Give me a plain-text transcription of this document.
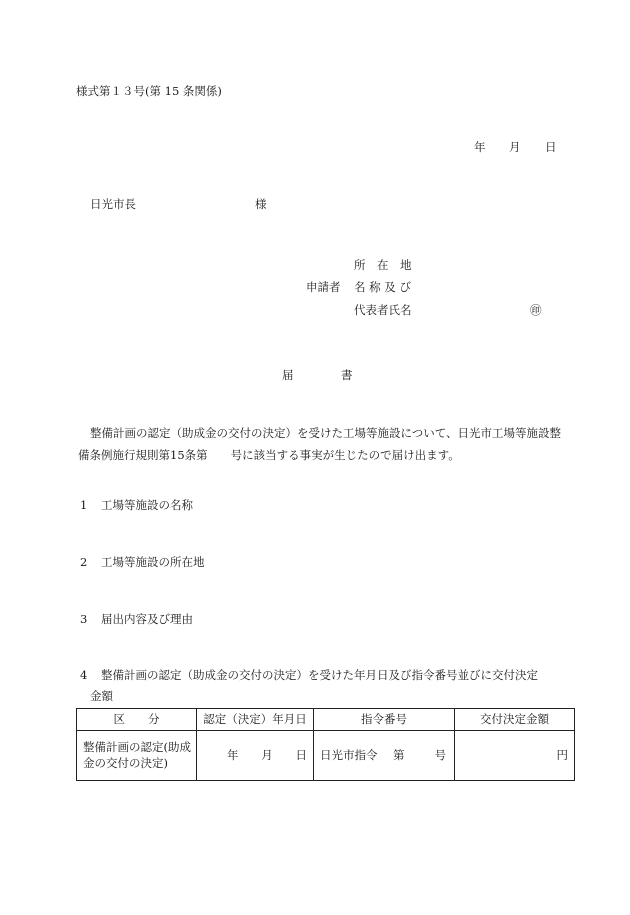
様式第１３号(第 15 条関係)
年 月 日
日光市長	様
所　在　地
申請者 名 称 及 び
代表者氏名	㊞
届	書
整備計画の認定（助成金の交付の決定）を受けた工場等施設について、日光市工場等施設整備条例施行規則第15条第　　号に該当する事実が生じたので届け出ます。
1 工場等施設の名称
2 工場等施設の所在地
3 届出内容及び理由
4 整備計画の認定（助成金の交付の決定）を受けた年月日及び指令番号並びに交付決定
金額
区　　分	認定（決定）年月日	指令番号	交付決定金額
整備計画の認定(助成金の交付の決定)	年 月 日	日光市指令 第 号	円
